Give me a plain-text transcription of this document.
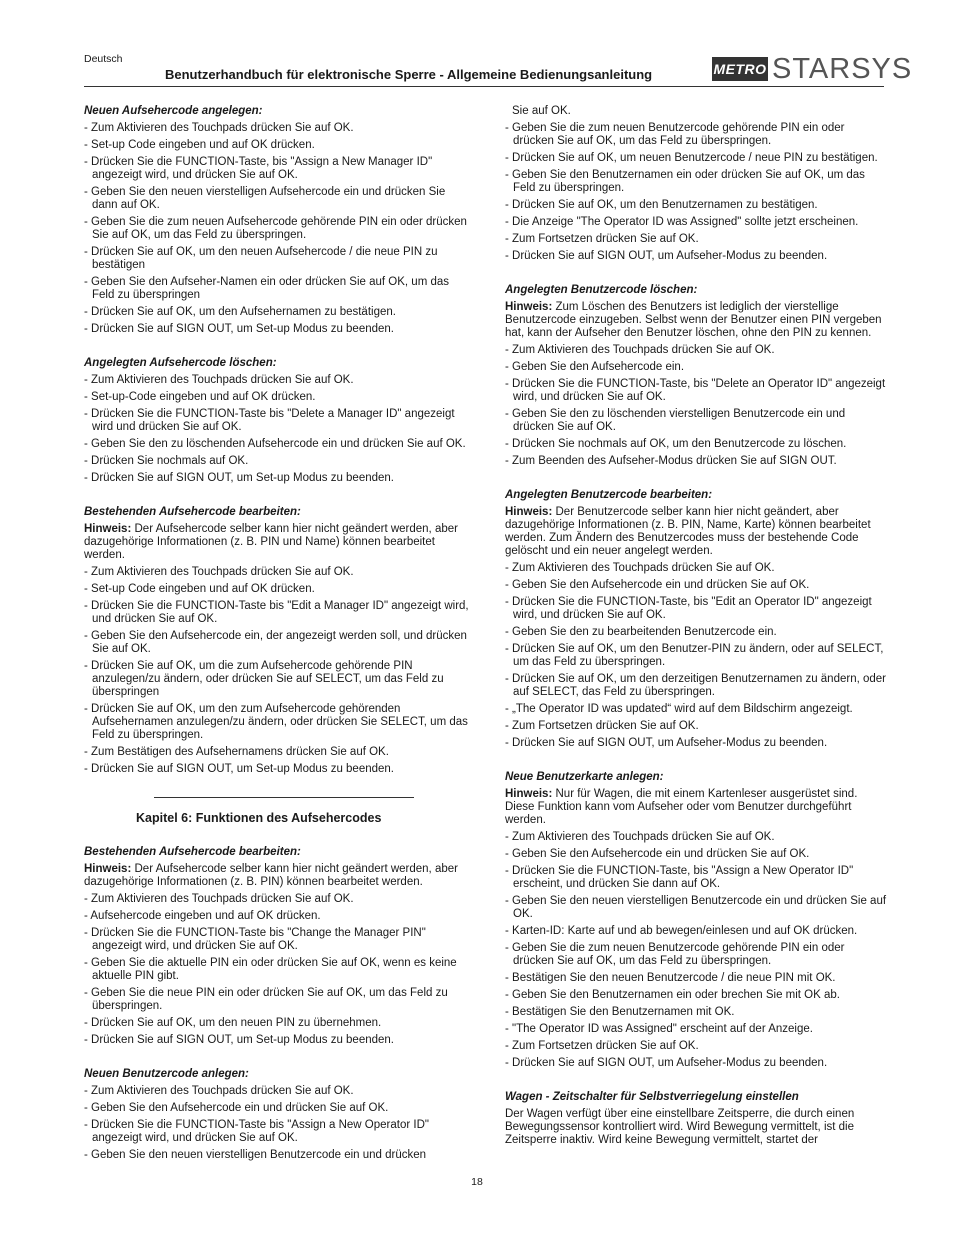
Deutsch
Benutzerhandbuch für elektronische Sperre - Allgemeine Bedienungsanleitung	METRO STARSYS
Neuen Aufsehercode angelegen:
- Zum Aktivieren des Touchpads drücken Sie auf OK.
- Set-up Code eingeben und auf OK drücken.
- Drücken Sie die FUNCTION-Taste, bis "Assign a New Manager ID" angezeigt wird, und drücken Sie auf OK.
- Geben Sie den neuen vierstelligen Aufsehercode ein und drücken Sie dann auf OK.
- Geben Sie die zum neuen Aufsehercode gehörende PIN ein oder drücken Sie auf OK, um das Feld zu überspringen.
- Drücken Sie auf OK, um den neuen Aufsehercode / die neue PIN zu bestätigen
- Geben Sie den Aufseher-Namen ein oder drücken Sie auf OK, um das Feld zu überspringen
- Drücken Sie auf OK, um den Aufsehernamen zu bestätigen.
- Drücken Sie auf SIGN OUT, um Set-up Modus zu beenden.
Angelegten Aufsehercode löschen:
- Zum Aktivieren des Touchpads drücken Sie auf OK.
- Set-up-Code eingeben und auf OK drücken.
- Drücken Sie die FUNCTION-Taste bis "Delete a Manager ID" angezeigt wird und drücken Sie auf OK.
- Geben Sie den zu löschenden Aufsehercode ein und drücken Sie auf OK.
- Drücken Sie nochmals auf OK.
- Drücken Sie auf SIGN OUT, um Set-up Modus zu beenden.
Bestehenden Aufsehercode bearbeiten:
Hinweis: Der Aufsehercode selber kann hier nicht geändert werden, aber dazugehörige Informationen (z. B. PIN und Name) können bearbeitet werden.
- Zum Aktivieren des Touchpads drücken Sie auf OK.
- Set-up Code eingeben und auf OK drücken.
- Drücken Sie die FUNCTION-Taste bis "Edit a Manager ID" angezeigt wird, und drücken Sie auf OK.
- Geben Sie den Aufsehercode ein, der angezeigt werden soll, und drücken Sie auf OK.
- Drücken Sie auf OK, um die zum Aufsehercode gehörende PIN anzulegen/zu ändern, oder drücken Sie auf SELECT, um das Feld zu überspringen
- Drücken Sie auf OK, um den zum Aufsehercode gehörenden Aufsehernamen anzulegen/zu ändern, oder drücken Sie SELECT, um das Feld zu überspringen.
- Zum Bestätigen des Aufsehernamens drücken Sie auf OK.
- Drücken Sie auf SIGN OUT, um Set-up Modus zu beenden.
Kapitel 6: Funktionen des Aufsehercodes
Bestehenden Aufsehercode bearbeiten:
Hinweis: Der Aufsehercode selber kann hier nicht geändert werden, aber dazugehörige Informationen (z. B. PIN) können bearbeitet werden.
- Zum Aktivieren des Touchpads drücken Sie auf OK.
- Aufsehercode eingeben und auf OK drücken.
- Drücken Sie die FUNCTION-Taste bis "Change the Manager PIN" angezeigt wird, und drücken Sie auf OK.
- Geben Sie die aktuelle PIN ein oder drücken Sie auf OK, wenn es keine aktuelle PIN gibt.
- Geben Sie die neue PIN ein oder drücken Sie auf OK, um das Feld zu überspringen.
- Drücken Sie auf OK, um den neuen PIN zu übernehmen.
- Drücken Sie auf SIGN OUT, um Set-up Modus zu beenden.
Neuen Benutzercode anlegen:
- Zum Aktivieren des Touchpads drücken Sie auf OK.
- Geben Sie den Aufsehercode ein und drücken Sie auf OK.
- Drücken Sie die FUNCTION-Taste bis "Assign a New Operator ID" angezeigt wird, und drücken Sie auf OK.
- Geben Sie den neuen vierstelligen Benutzercode ein und drücken
Sie auf OK.
- Geben Sie die zum neuen Benutzercode gehörende PIN ein oder drücken Sie auf OK, um das Feld zu überspringen.
- Drücken Sie auf OK, um neuen Benutzercode / neue PIN zu bestätigen.
- Geben Sie den Benutzernamen ein oder drücken Sie auf OK, um das Feld zu überspringen.
- Drücken Sie auf OK, um den Benutzernamen zu bestätigen.
- Die Anzeige "The Operator ID was Assigned" sollte jetzt erscheinen.
- Zum Fortsetzen drücken Sie auf OK.
- Drücken Sie auf SIGN OUT, um Aufseher-Modus zu beenden.
Angelegten Benutzercode löschen:
Hinweis: Zum Löschen des Benutzers ist lediglich der vierstellige Benutzercode einzugeben. Selbst wenn der Benutzer einen PIN vergeben hat, kann der Aufseher den Benutzer löschen, ohne den PIN zu kennen.
- Zum Aktivieren des Touchpads drücken Sie auf OK.
- Geben Sie den Aufsehercode ein.
- Drücken Sie die FUNCTION-Taste, bis "Delete an Operator ID" angezeigt wird, und drücken Sie auf OK.
- Geben Sie den zu löschenden vierstelligen Benutzercode ein und drücken Sie auf OK.
- Drücken Sie nochmals auf OK, um den Benutzercode zu löschen.
- Zum Beenden des Aufseher-Modus drücken Sie auf SIGN OUT.
Angelegten Benutzercode bearbeiten:
Hinweis: Der Benutzercode selber kann hier nicht geändert, aber dazugehörige Informationen (z. B. PIN, Name, Karte) können bearbeitet werden. Zum Ändern des Benutzercodes muss der bestehende Code gelöscht und ein neuer angelegt werden.
- Zum Aktivieren des Touchpads drücken Sie auf OK.
- Geben Sie den Aufsehercode ein und drücken Sie auf OK.
- Drücken Sie die FUNCTION-Taste, bis "Edit an Operator ID" angezeigt wird, und drücken Sie auf OK.
- Geben Sie den zu bearbeitenden Benutzercode ein.
- Drücken Sie auf OK, um den Benutzer-PIN zu ändern, oder auf SELECT, um das Feld zu überspringen.
- Drücken Sie auf OK, um den derzeitigen Benutzernamen zu ändern, oder auf SELECT, das Feld zu überspringen.
- „The Operator ID was updated“ wird auf dem Bildschirm angezeigt.
- Zum Fortsetzen drücken Sie auf OK.
- Drücken Sie auf SIGN OUT, um Aufseher-Modus zu beenden.
Neue Benutzerkarte anlegen:
Hinweis: Nur für Wagen, die mit einem Kartenleser ausgerüstet sind. Diese Funktion kann vom Aufseher oder vom Benutzer durchgeführt werden.
- Zum Aktivieren des Touchpads drücken Sie auf OK.
- Geben Sie den Aufsehercode ein und drücken Sie auf OK.
- Drücken Sie die FUNCTION-Taste, bis "Assign a New Operator ID" erscheint, und drücken Sie dann auf OK.
- Geben Sie den neuen vierstelligen Benutzercode ein und drücken Sie auf OK.
- Karten-ID: Karte auf und ab bewegen/einlesen und auf OK drücken.
- Geben Sie die zum neuen Benutzercode gehörende PIN ein oder drücken Sie auf OK, um das Feld zu überspringen.
- Bestätigen Sie den neuen Benutzercode / die neue PIN mit OK.
- Geben Sie den Benutzernamen ein oder brechen Sie mit OK ab.
- Bestätigen Sie den Benutzernamen mit OK.
- "The Operator ID was Assigned" erscheint auf der Anzeige.
- Zum Fortsetzen drücken Sie auf OK.
- Drücken Sie auf SIGN OUT, um Aufseher-Modus zu beenden.
Wagen - Zeitschalter für Selbstverriegelung einstellen
Der Wagen verfügt über eine einstellbare Zeitsperre, die durch einen Bewegungssensor kontrolliert wird. Wird Bewegung vermittelt, ist die Zeitsperre inaktiv. Wird keine Bewegung vermittelt, startet der
18
